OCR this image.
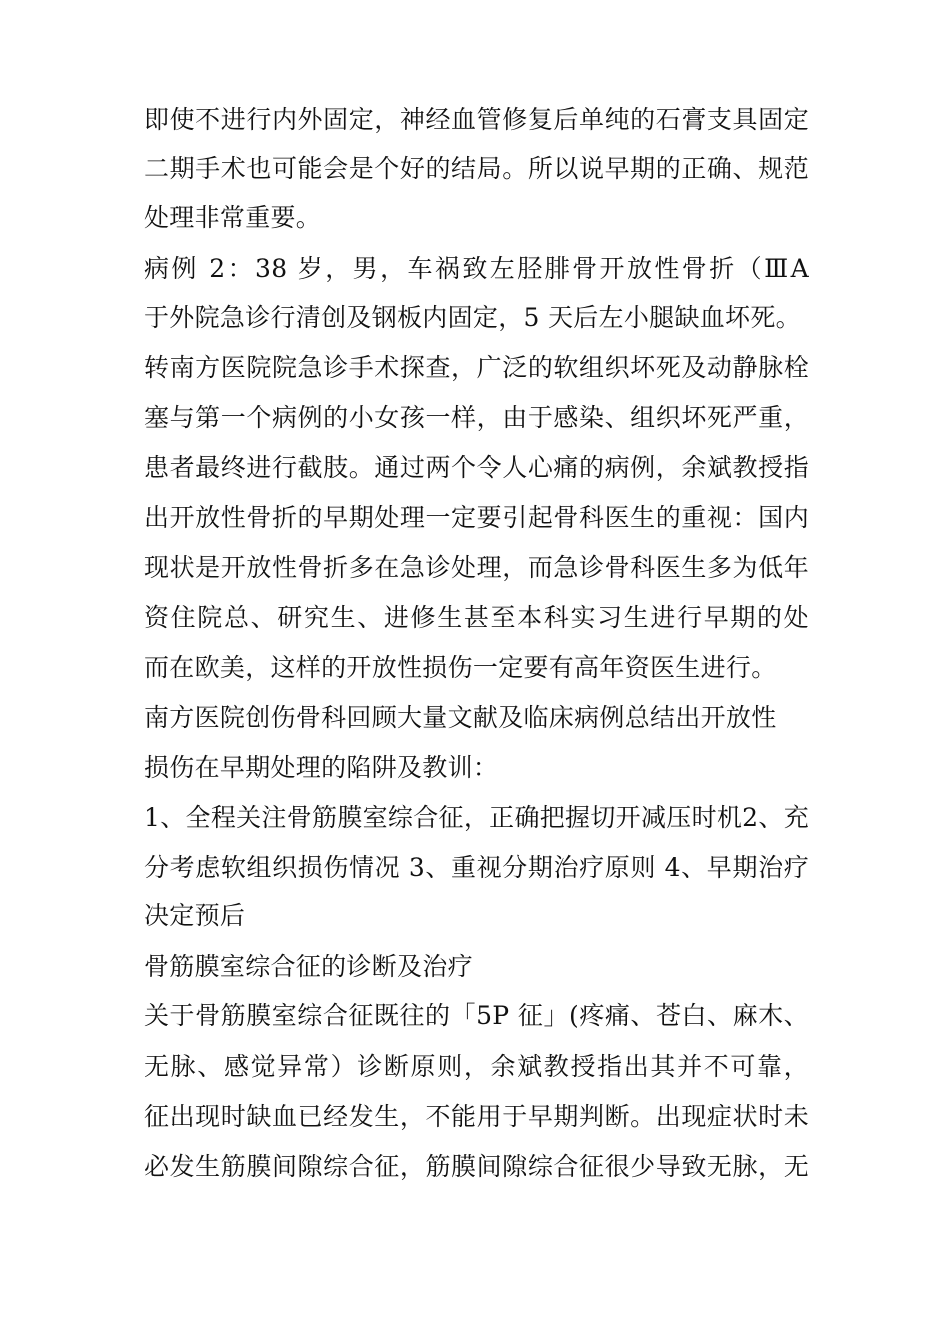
即使不进行内外固定，神经血管修复后单纯的石膏支具固定
二期手术也可能会是个好的结局。所以说早期的正确、规范
处理非常重要。
病例 2：38 岁，男，车祸致左胫腓骨开放性骨折（ⅢA
于外院急诊行清创及钢板内固定，5 天后左小腿缺血坏死。
转南方医院院急诊手术探查，广泛的软组织坏死及动静脉栓
塞与第一个病例的小女孩一样，由于感染、组织坏死严重，
患者最终进行截肢。通过两个令人心痛的病例，余斌教授指
出开放性骨折的早期处理一定要引起骨科医生的重视：国内
现状是开放性骨折多在急诊处理，而急诊骨科医生多为低年
资住院总、研究生、进修生甚至本科实习生进行早期的处
而在欧美，这样的开放性损伤一定要有高年资医生进行。
南方医院创伤骨科回顾大量文献及临床病例总结出开放性
损伤在早期处理的陷阱及教训：
1、全程关注骨筋膜室综合征，正确把握切开减压时机2、充
分考虑软组织损伤情况 3、重视分期治疗原则 4、早期治疗
决定预后
骨筋膜室综合征的诊断及治疗
关于骨筋膜室综合征既往的「5P 征」(疼痛、苍白、麻木、
无脉、感觉异常）诊断原则，余斌教授指出其并不可靠，
征出现时缺血已经发生，不能用于早期判断。出现症状时未
必发生筋膜间隙综合征，筋膜间隙综合征很少导致无脉，无
